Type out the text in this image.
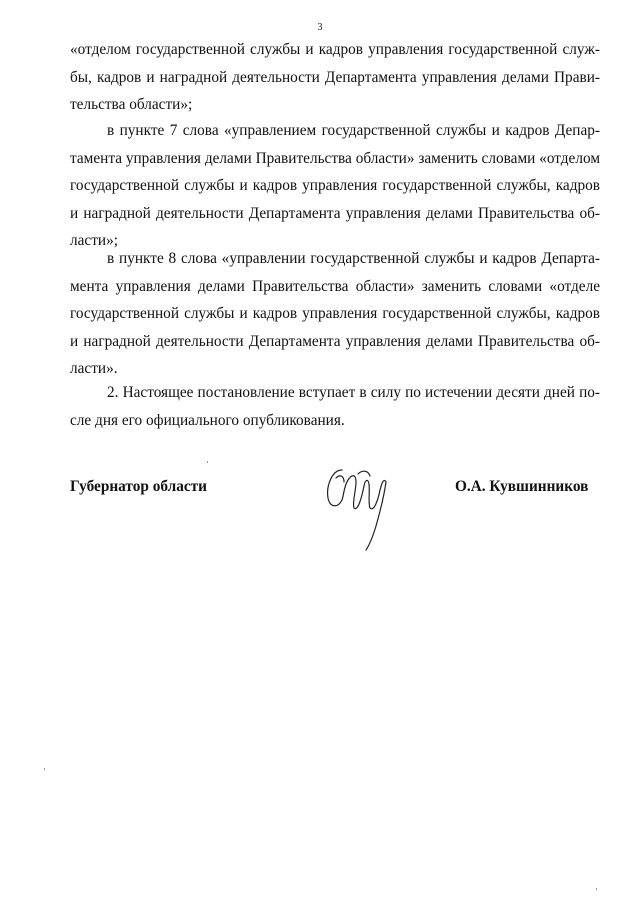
3
«отделом государственной службы и кадров управления государственной служ-
бы, кадров и наградной деятельности Департамента управления делами Прави-
тельства области»;
в пункте 7 слова «управлением государственной службы и кадров Депар-
тамента управления делами Правительства области» заменить словами «отделом
государственной службы и кадров управления государственной службы, кадров
и наградной деятельности Департамента управления делами Правительства об-
ласти»;
в пункте 8 слова «управлении государственной службы и кадров Департа-
мента управления делами Правительства области» заменить словами «отделе
государственной службы и кадров управления государственной службы, кадров
и наградной деятельности Департамента управления делами Правительства об-
ласти».
2. Настоящее постановление вступает в силу по истечении десяти дней по-
сле дня его официального опубликования.
Губернатор области	О.А. Кувшинников
